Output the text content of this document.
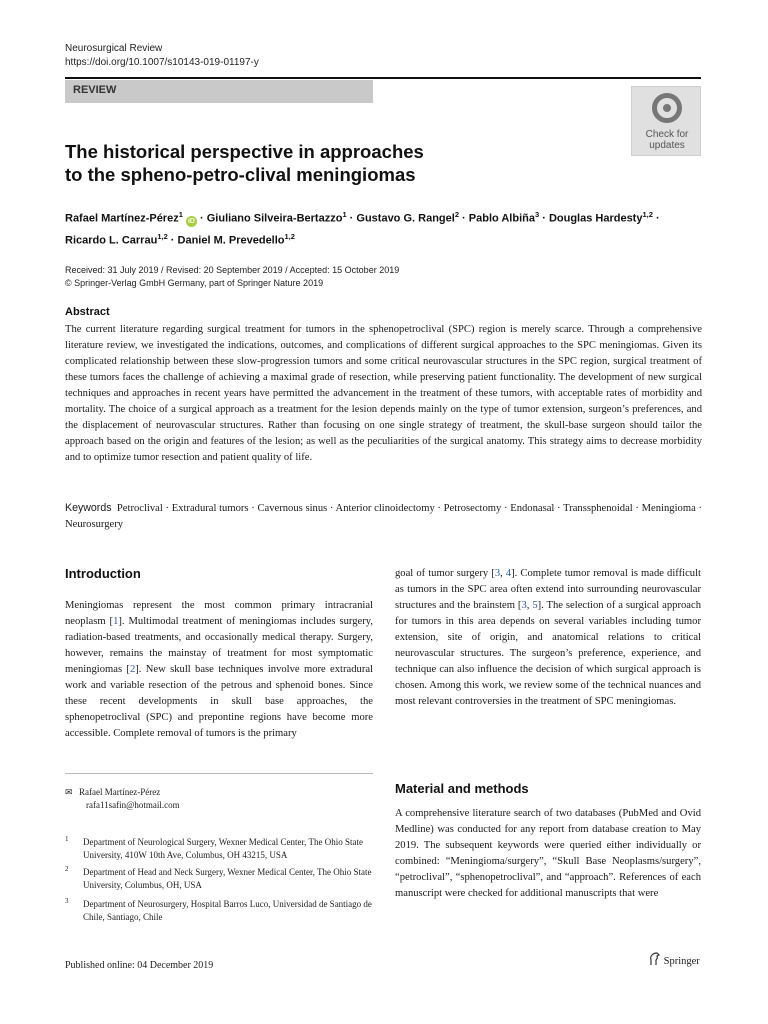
Neurosurgical Review
https://doi.org/10.1007/s10143-019-01197-y
REVIEW
Check for
updates
The historical perspective in approaches
to the spheno-petro-clival meningiomas
Rafael Martínez-Pérez$^1$ iD · Giuliano Silveira-Bertazzo$^1$ · Gustavo G. Rangel$^2$ · Pablo Albiña$^3$ · Douglas Hardesty$^{1,2}$ ·
Ricardo L. Carrau$^{1,2}$ · Daniel M. Prevedello$^{1,2}$
Received: 31 July 2019 / Revised: 20 September 2019 / Accepted: 15 October 2019
© Springer-Verlag GmbH Germany, part of Springer Nature 2019
Abstract
The current literature regarding surgical treatment for tumors in the sphenopetroclival (SPC) region is merely scarce. Through a comprehensive literature review, we investigated the indications, outcomes, and complications of different surgical approaches to the SPC meningiomas. Given its complicated relationship between these slow-progression tumors and some critical neurovascular structures in the SPC region, surgical treatment of these tumors faces the challenge of achieving a maximal grade of resection, while preserving patient functionality. The development of new surgical techniques and approaches in recent years have permitted the advancement in the treatment of these tumors, with acceptable rates of morbidity and mortality. The choice of a surgical approach as a treatment for the lesion depends mainly on the type of tumor extension, surgeon’s preferences, and the displacement of neurovascular structures. Rather than focusing on one single strategy of treatment, the skull-base surgeon should tailor the approach based on the origin and features of the lesion; as well as the peculiarities of the surgical anatomy. This strategy aims to decrease morbidity and to optimize tumor resection and patient quality of life.
Keywords Petroclival · Extradural tumors · Cavernous sinus · Anterior clinoidectomy · Petrosectomy · Endonasal · Transsphenoidal · Meningioma · Neurosurgery
Introduction
Meningiomas represent the most common primary intracranial neoplasm [1]. Multimodal treatment of meningiomas includes surgery, radiation-based treatments, and occasionally medical therapy. Surgery, however, remains the mainstay of treatment for most symptomatic meningiomas [2]. New skull base techniques involve more extradural work and variable resection of the petrous and sphenoid bones. Since these recent developments in skull base approaches, the sphenopetroclival (SPC) and prepontine regions have become more accessible. Complete removal of tumors is the primary
goal of tumor surgery [3, 4]. Complete tumor removal is made difficult as tumors in the SPC area often extend into surrounding neurovascular structures and the brainstem [3, 5]. The selection of a surgical approach for tumors in this area depends on several variables including tumor extension, site of origin, and anatomical relations to critical neurovascular structures. The surgeon’s preference, experience, and technique can also influence the decision of which surgical approach is chosen. Among this work, we review some of the technical nuances and most relevant controversies in the treatment of SPC meningiomas.
Material and methods
A comprehensive literature search of two databases (PubMed and Ovid Medline) was conducted for any report from database creation to May 2019. The subsequent keywords were queried either individually or combined: “Meningioma/surgery”, “Skull Base Neoplasms/surgery”, “petroclival”, “sphenopetroclival”, and “approach”. References of each manuscript were checked for additional manuscripts that were
✉ Rafael Martínez-Pérez
rafa11safin@hotmail.com
1 Department of Neurological Surgery, Wexner Medical Center, The Ohio State University, 410W 10th Ave, Columbus, OH 43215, USA
2 Department of Head and Neck Surgery, Wexner Medical Center, The Ohio State University, Columbus, OH, USA
3 Department of Neurosurgery, Hospital Barros Luco, Universidad de Santiago de Chile, Santiago, Chile
Published online: 04 December 2019	Springer
